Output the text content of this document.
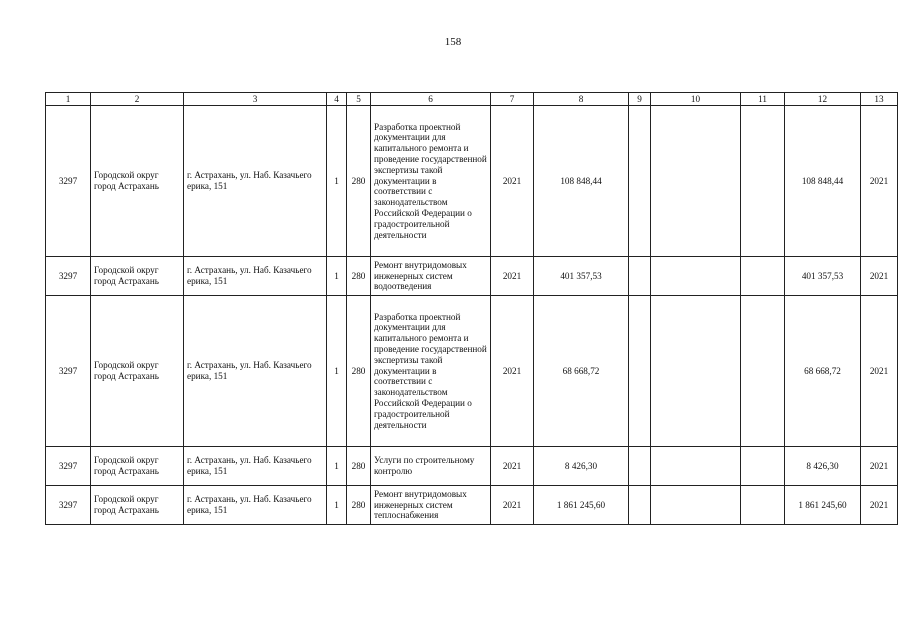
158
1	2	3	4	5	6	7	8	9	10	11	12	13
3297	Городской округ город Астрахань	г. Астрахань, ул. Наб. Казачьего ерика, 151	1	280	Разработка проектной документации для капитального ремонта и проведение государственной экспертизы такой документации в соответствии с законодательством Российской Федерации о градостроительной деятельности	2021	108 848,44				108 848,44	2021
3297	Городской округ город Астрахань	г. Астрахань, ул. Наб. Казачьего ерика, 151	1	280	Ремонт внутридомовых инженерных систем водоотведения	2021	401 357,53				401 357,53	2021
3297	Городской округ город Астрахань	г. Астрахань, ул. Наб. Казачьего ерика, 151	1	280	Разработка проектной документации для капитального ремонта и проведение государственной экспертизы такой документации в соответствии с законодательством Российской Федерации о градостроительной деятельности	2021	68 668,72				68 668,72	2021
3297	Городской округ город Астрахань	г. Астрахань, ул. Наб. Казачьего ерика, 151	1	280	Услуги по строительному контролю	2021	8 426,30				8 426,30	2021
3297	Городской округ город Астрахань	г. Астрахань, ул. Наб. Казачьего ерика, 151	1	280	Ремонт внутридомовых инженерных систем теплоснабжения	2021	1 861 245,60				1 861 245,60	2021
